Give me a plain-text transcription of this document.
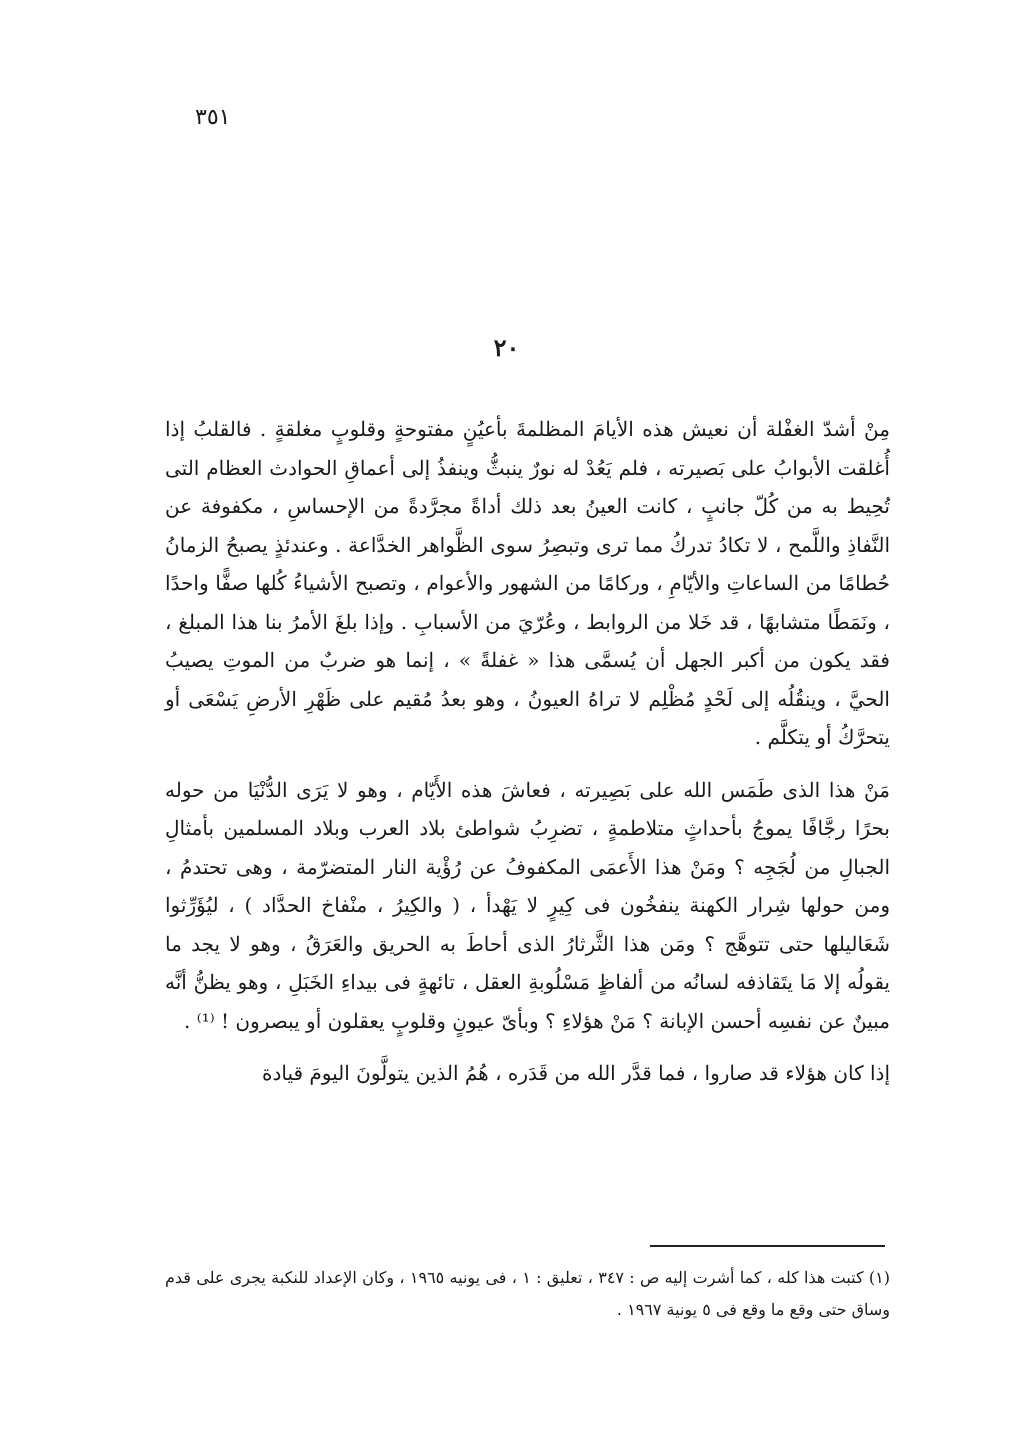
٣٥١
٢٠

مِنْ أشدّ الغفْلة أن نعيش هذه الأيامَ المظلمةَ بأعيُنٍ مفتوحةٍ وقلوبٍ مغلقةٍ . فالقلبُ إذا أُغلقت الأبوابُ على بَصيرته ، فلم يَعُدْ له نورٌ ينبثُّ وينفذُ إلى أعماقِ الحوادث العظام التى تُحِيط به من كُلّ جانبٍ ، كانت العينُ بعد ذلك أداةً مجرَّدةً من الإحساسِ ، مكفوفة عن النَّفاذِ واللَّمح ، لا تكادُ تدركُ مما ترى وتبصِرُ سوى الظَّواهر الخدَّاعة . وعندئذٍ يصبحُ الزمانُ حُطامًا من الساعاتِ والأيّامِ ، وركامًا من الشهور والأعوام ، وتصبح الأشياءُ كُلها صفًّا واحدًا ، ونَمَطًا متشابهًا ، قد خَلا من الروابط ، وعُرّيَ من الأسبابِ . وإذا بلغَ الأمرُ بنا هذا المبلغ ، فقد يكون من أكبر الجهل أن يُسمَّى هذا « غفلةً » ، إنما هو ضربٌ من الموتِ يصيبُ الحيَّ ، وينقُلُه إلى لَحْدٍ مُظْلِم لا تراهُ العيونُ ، وهو بعدُ مُقيم على ظَهْرِ الأرضِ يَسْعَى أو يتحرَّكُ أو يتكلَّم .

مَنْ هذا الذى طَمَس الله على بَصِيرته ، فعاشَ هذه الأَيّام ، وهو لا يَرَى الدُّنْيَا من حوله بحرًا رجَّافًا يموجُ بأحداثٍ متلاطمةٍ ، تضرِبُ شواطئ بلاد العرب وبلاد المسلمين بأمثالِ الجبالِ من لُجَجِه ؟ ومَنْ هذا الأَعمَى المكفوفُ عن رُؤْية النار المتضرّمة ، وهى تحتدمُ ، ومن حولها شِرار الكهنة ينفخُون فى كِيرٍ لا يَهْدأ ، ( والكِيرُ ، منْفاخ الحدَّاد ) ، ليُؤَرِّثوا شَعَاليلها حتى تتوهَّج ؟ ومَن هذا الثَّرثارُ الذى أحاطَ به الحريق والعَرَقُ ، وهو لا يجد ما يقولُه إلا مَا يتَقاذفه لسانُه من ألفاظٍ مَسْلُوبةِ العقل ، تائهةٍ فى بيداءِ الخَبَلِ ، وهو يظنُّ أنَّه مبينٌ عن نفسِه أحسن الإبانة ؟ مَنْ هؤلاءِ ؟ وبأىّ عيونٍ وقلوبٍ يعقلون أو يبصرون ! ⁽¹⁾ .

إذا كان هؤلاء قد صاروا ، فما قدَّر الله من قَدَره ، هُمُ الذين يتولَّونَ اليومَ قيادة

(١) كتبت هذا كله ، كما أشرت إليه ص : ٣٤٧ ، تعليق : ١ ، فى يونيه ١٩٦٥ ، وكان الإعداد للنكبة يجرى على قدم وساق حتى وقع ما وقع فى ٥ يونية ١٩٦٧ .
